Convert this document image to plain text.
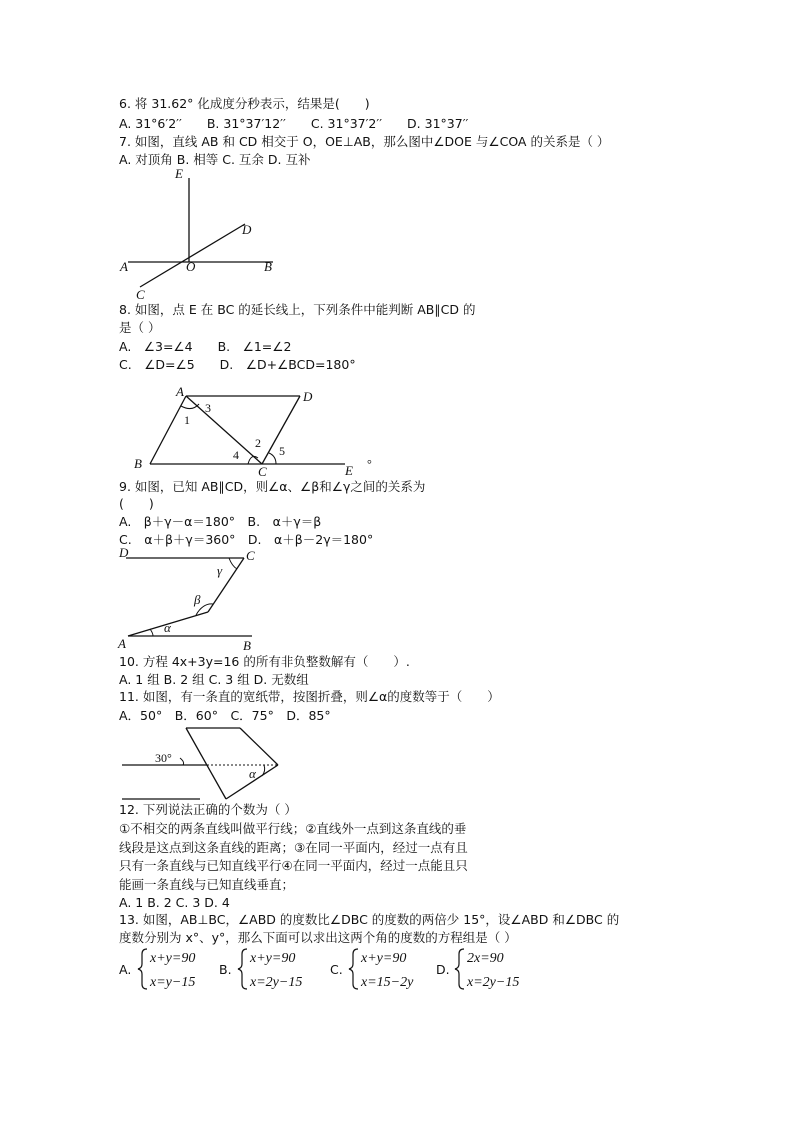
6. 将 31.62° 化成度分秒表示，结果是(　　)
A. 31°6′2′′　　B. 31°37′12′′　　C. 31°37′2′′　　D. 31°37′′
7. 如图，直线 AB 和 CD 相交于 O，OE⊥AB，那么图中∠DOE 与∠COA 的关系是（ ）
A. 对顶角 B. 相等 C. 互余 D. 互补
E
D
A	O	B
C
8. 如图，点 E 在 BC 的延长线上，下列条件中能判断 AB∥CD 的
是（ ）
A.　∠3=∠4　　B.　∠1=∠2
C.　∠D=∠5　　D.　∠D+∠BCD=180°
A	D
B
C	E
1
3
2
4	5
°
9. 如图，已知 AB∥CD，则∠α、∠β和∠γ之间的关系为
(　　)
A.　β＋γ－α＝180°　B.　α＋γ＝β
C.　α＋β＋γ＝360°　D.　α＋β－2γ＝180°
D	C
γ
β
α
A	B
10. 方程 4x+3y=16 的所有非负整数解有（　　）.
A. 1 组 B. 2 组 C. 3 组 D. 无数组
11. 如图，有一条直的宽纸带，按图折叠，则∠α的度数等于（　　）
A．50°　B．60°　C．75°　D．85°
30°
α
12. 下列说法正确的个数为（ ）
①不相交的两条直线叫做平行线；②直线外一点到这条直线的垂
线段是这点到这条直线的距离；③在同一平面内，经过一点有且
只有一条直线与已知直线平行④在同一平面内，经过一点能且只
能画一条直线与已知直线垂直；
A. 1 B. 2 C. 3 D. 4
13. 如图，AB⊥BC，∠ABD 的度数比∠DBC 的度数的两倍少 15°，设∠ABD 和∠DBC 的
度数分别为 x°、y°，那么下面可以求出这两个角的度数的方程组是（ ）
A.
x+y=90
x=y−15
B.
x+y=90
x=2y−15
C.
x+y=90
x=15−2y
D.
2x=90
x=2y−15
